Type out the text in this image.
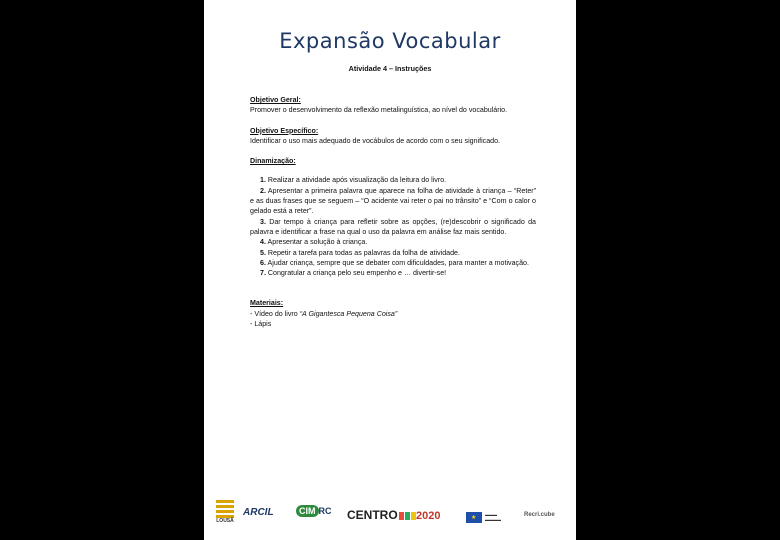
Expansão Vocabular
Atividade 4 – Instruções
Objetivo Geral:
Promover o desenvolvimento da reflexão metalinguística, ao nível do vocabulário.
Objetivo Específico:
Identificar o uso mais adequado de vocábulos de acordo com o seu significado.
Dinamização:
1. Realizar a atividade após visualização da leitura do livro.
2. Apresentar a primeira palavra que aparece na folha de atividade à criança – “Reter” e as duas frases que se seguem – “O acidente vai reter o pai no trânsito” e “Com o calor o gelado está a reter”.
3. Dar tempo à criança para refletir sobre as opções, (re)descobrir o significado da palavra e identificar a frase na qual o uso da palavra em análise faz mais sentido.
4. Apresentar a solução à criança.
5. Repetir a tarefa para todas as palavras da folha de atividade.
6. Ajudar criança, sempre que se debater com dificuldades, para manter a motivação.
7. Congratular a criança pelo seu empenho e … divertir-se!
Materiais:
- Vídeo do livro “A Gigantesca Pequena Coisa”
- Lápis
LOUSÃ
ARCIL	CIM RC CENTRO	2020	★
▬▬▬
▬▬▬▬
Recri.cube
